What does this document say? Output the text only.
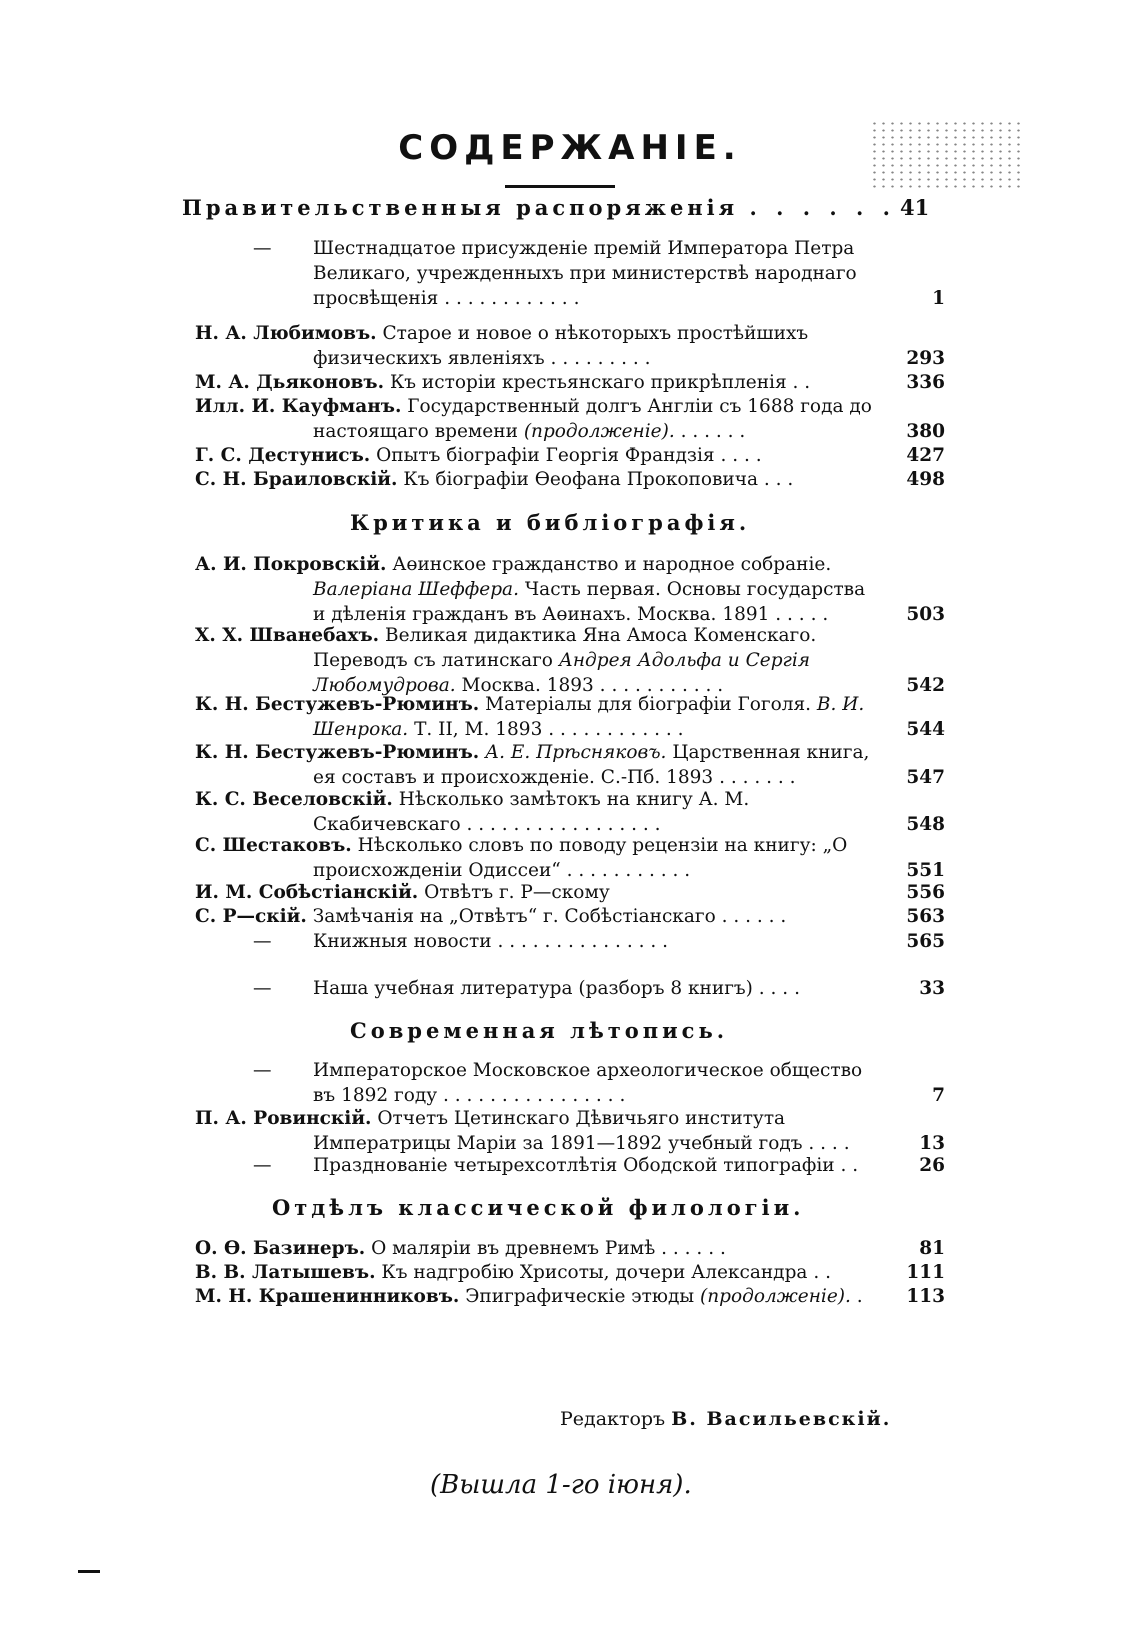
СОДЕРЖАНІЕ.
Правительственныя распоряженія . . . . . . 41
—	Шестнадцатое присужденіе премій Императора Петра Великаго, учрежденныхъ при министерствѣ народнаго просвѣщенія . . . . . . . . . . . .	1
Н. А. Любимовъ. Старое и новое о нѣкоторыхъ простѣйшихъ физическихъ явленіяхъ . . . . . . . . .	293
М. А. Дьяконовъ. Къ исторіи крестьянскаго прикрѣпленія . .	336
Илл. И. Кауфманъ. Государственный долгъ Англіи съ 1688 года до настоящаго времени (продолженіе). . . . . . .	380
Г. С. Дестунисъ. Опытъ біографіи Георгія Франдзія . . . .	427
С. Н. Браиловскій. Къ біографіи Өеофана Прокоповича . . .	498
Критика и библіографія.
А. И. Покровскій. Аөинское гражданство и народное собраніе. Валеріана Шеффера. Часть первая. Основы государства и дѣленія гражданъ въ Аөинахъ. Москва. 1891 . . . . .	503
Х. Х. Шванебахъ. Великая дидактика Яна Амоса Коменскаго. Переводъ съ латинскаго Андрея Адольфа и Сергія Любомудрова. Москва. 1893 . . . . . . . . . . .	542
К. Н. Бестужевъ-Рюминъ. Матеріалы для біографіи Гоголя. В. И. Шенрока. Т. II, М. 1893 . . . . . . . . . . . .	544
К. Н. Бестужевъ-Рюминъ. А. Е. Прѣсняковъ. Царственная книга, ея составъ и происхожденіе. С.-Пб. 1893 . . . . . . .	547
К. С. Веселовскій. Нѣсколько замѣтокъ на книгу А. М. Скабичевскаго . . . . . . . . . . . . . . . . .	548
С. Шестаковъ. Нѣсколько словъ по поводу рецензіи на книгу: „О происхожденіи Одиссеи“ . . . . . . . . . . .	551
И. М. Собѣстіанскій. Отвѣтъ г. Р—скому	556
С. Р—скій. Замѣчанія на „Отвѣтъ“ г. Собѣстіанскаго . . . . . .	563
—	Книжныя новости . . . . . . . . . . . . . . .	565
—	Наша учебная литература (разборъ 8 книгъ) . . . .	33
Современная лѣтопись.
—	Императорское Московское археологическое общество въ 1892 году . . . . . . . . . . . . . . . .	7
П. А. Ровинскій. Отчетъ Цетинскаго Дѣвичьяго института Императрицы Маріи за 1891—1892 учебный годъ . . . .	13
—	Празднованіе четырехсотлѣтія Ободской типографіи . .	26
Отдѣлъ классической филологіи.
О. Ө. Базинеръ. О маляріи въ древнемъ Римѣ . . . . . .	81
В. В. Латышевъ. Къ надгробію Хрисоты, дочери Александра . .	111
М. Н. Крашенинниковъ. Эпиграфическіе этюды (продолженіе). .	113
Редакторъ В. Васильевскій.
(Вышла 1-го іюня).
